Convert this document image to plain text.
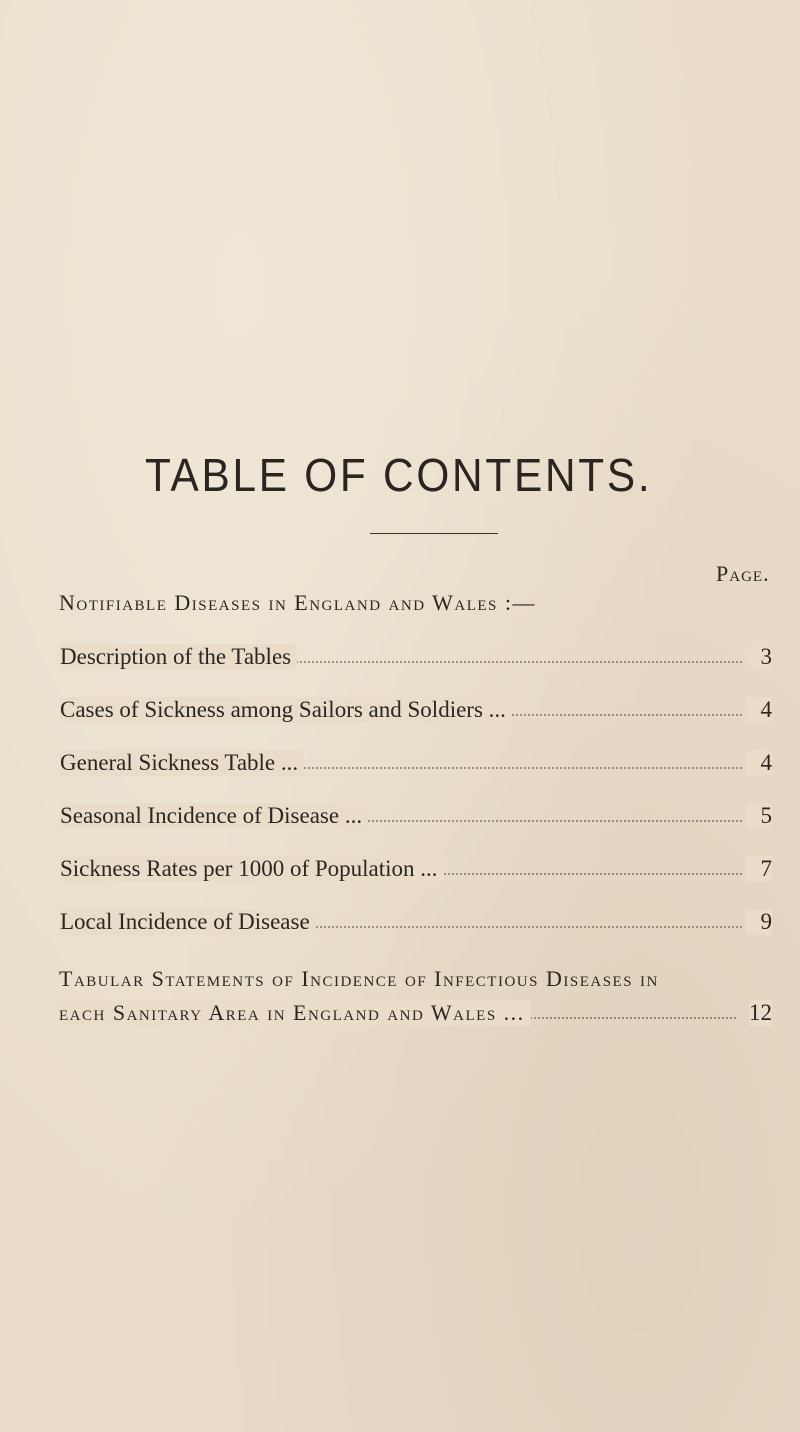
TABLE OF CONTENTS.
Page.
Notifiable Diseases in England and Wales :—
Description of the Tables	3
Cases of Sickness among Sailors and Soldiers ...	4
General Sickness Table ...	4
Seasonal Incidence of Disease ...	5
Sickness Rates per 1000 of Population ...	7
Local Incidence of Disease	9
Tabular Statements of Incidence of Infectious Diseases in
each Sanitary Area in England and Wales ...	12
